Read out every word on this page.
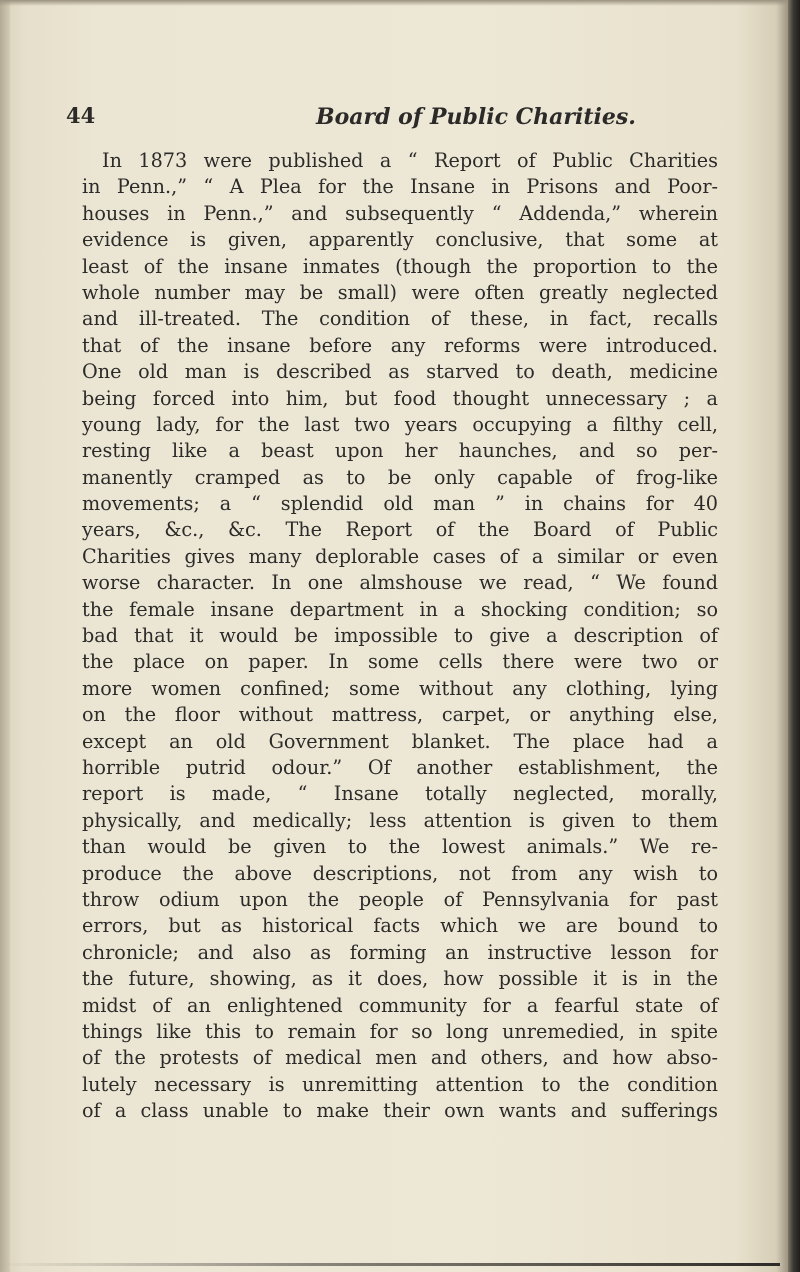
44	Board of Public Charities.
In 1873 were published a “ Report of Public Charities
in Penn.,” “ A Plea for the Insane in Prisons and Poor-
houses in Penn.,” and subsequently “ Addenda,” wherein
evidence is given, apparently conclusive, that some at
least of the insane inmates (though the proportion to the
whole number may be small) were often greatly neglected
and ill-treated. The condition of these, in fact, recalls
that of the insane before any reforms were introduced.
One old man is described as starved to death, medicine
being forced into him, but food thought unnecessary ; a
young lady, for the last two years occupying a filthy cell,
resting like a beast upon her haunches, and so per-
manently cramped as to be only capable of frog-like
movements; a “ splendid old man ” in chains for 40
years, &c., &c. The Report of the Board of Public
Charities gives many deplorable cases of a similar or even
worse character. In one almshouse we read, “ We found
the female insane department in a shocking condition; so
bad that it would be impossible to give a description of
the place on paper. In some cells there were two or
more women confined; some without any clothing, lying
on the floor without mattress, carpet, or anything else,
except an old Government blanket. The place had a
horrible putrid odour.” Of another establishment, the
report is made, “ Insane totally neglected, morally,
physically, and medically; less attention is given to them
than would be given to the lowest animals.” We re-
produce the above descriptions, not from any wish to
throw odium upon the people of Pennsylvania for past
errors, but as historical facts which we are bound to
chronicle; and also as forming an instructive lesson for
the future, showing, as it does, how possible it is in the
midst of an enlightened community for a fearful state of
things like this to remain for so long unremedied, in spite
of the protests of medical men and others, and how abso-
lutely necessary is unremitting attention to the condition
of a class unable to make their own wants and sufferings
